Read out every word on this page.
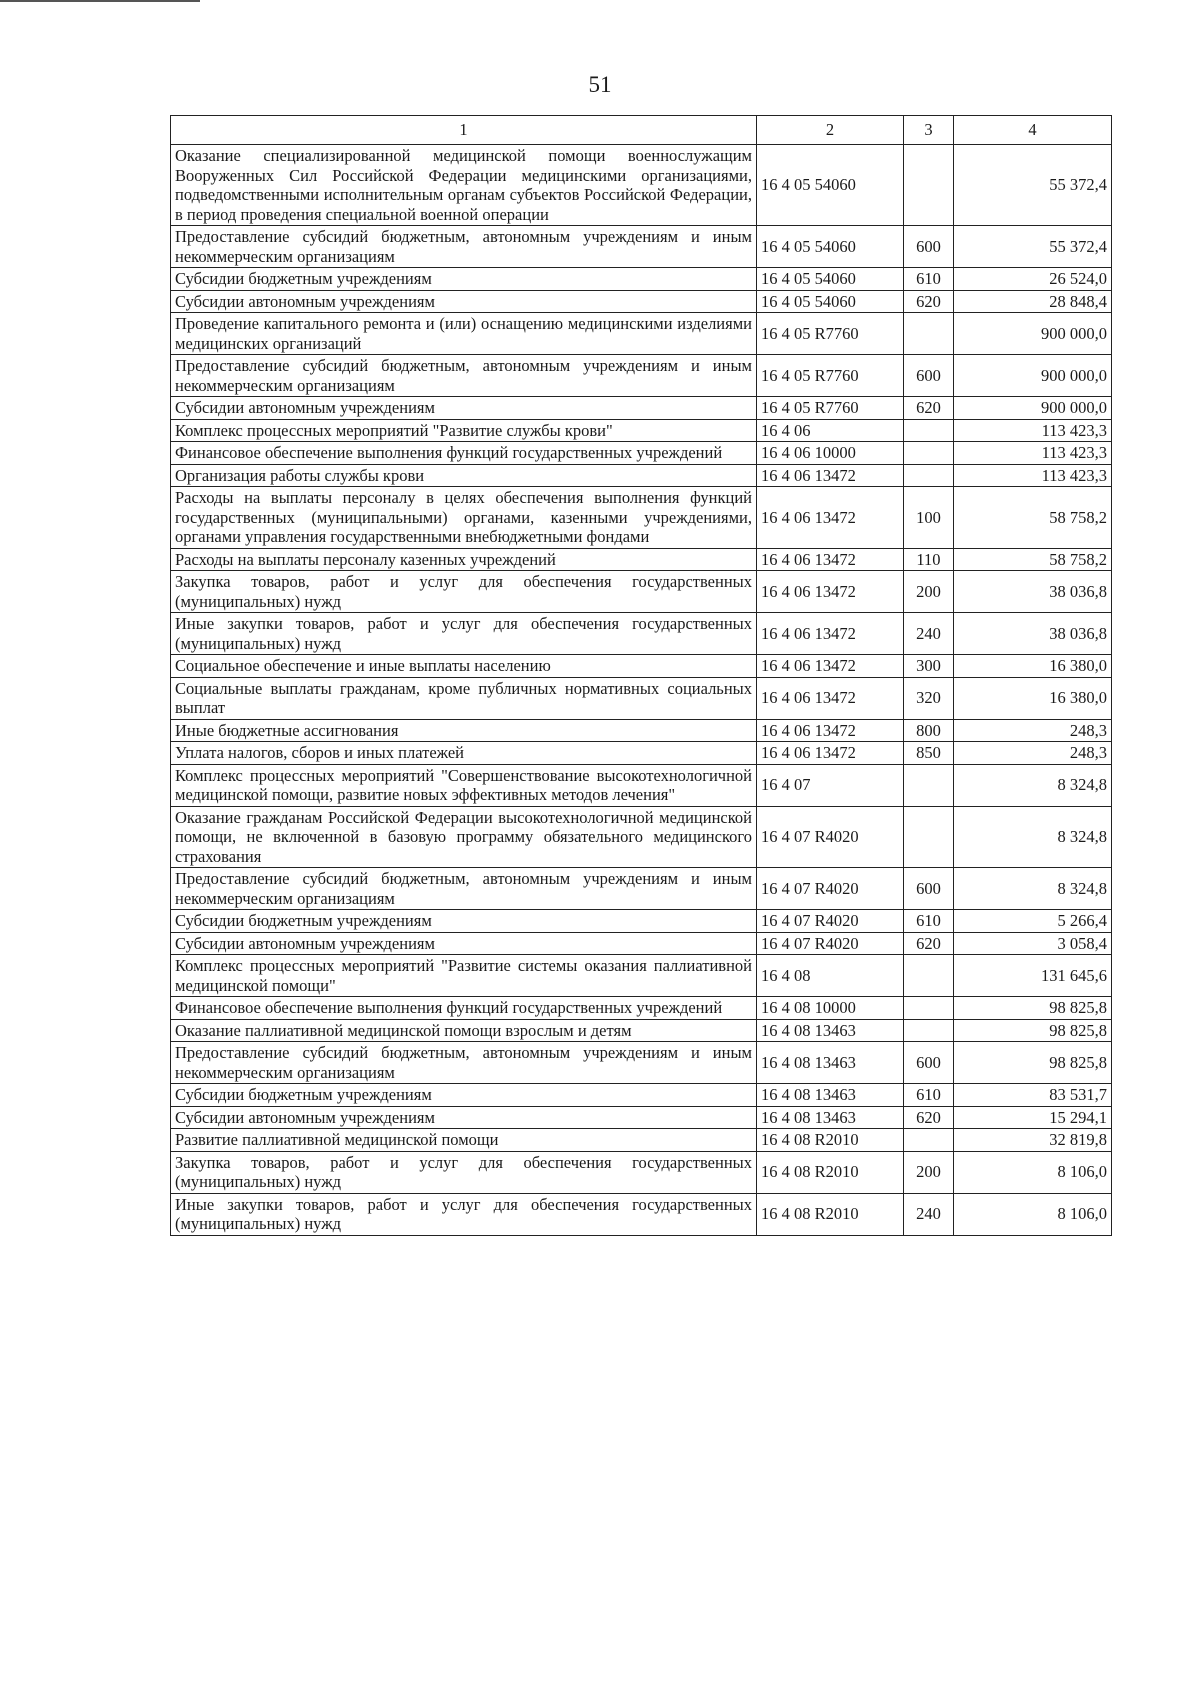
51
1	2	3	4
Оказание специализированной медицинской помощи военнослужащим Вооруженных Сил Российской Федерации медицинскими организациями, подведомственными исполнительным органам субъектов Российской Федерации, в период проведения специальной военной операции	16 4 05 54060		55 372,4
Предоставление субсидий бюджетным, автономным учреждениям и иным некоммерческим организациям	16 4 05 54060	600	55 372,4
Субсидии бюджетным учреждениям	16 4 05 54060	610	26 524,0
Субсидии автономным учреждениям	16 4 05 54060	620	28 848,4
Проведение капитального ремонта и (или) оснащению медицинскими изделиями медицинских организаций	16 4 05 R7760		900 000,0
Предоставление субсидий бюджетным, автономным учреждениям и иным некоммерческим организациям	16 4 05 R7760	600	900 000,0
Субсидии автономным учреждениям	16 4 05 R7760	620	900 000,0
Комплекс процессных мероприятий "Развитие службы крови"	16 4 06		113 423,3
Финансовое обеспечение выполнения функций государственных учреждений	16 4 06 10000		113 423,3
Организация работы службы крови	16 4 06 13472		113 423,3
Расходы на выплаты персоналу в целях обеспечения выполнения функций государственных (муниципальными) органами, казенными учреждениями, органами управления государственными внебюджетными фондами	16 4 06 13472	100	58 758,2
Расходы на выплаты персоналу казенных учреждений	16 4 06 13472	110	58 758,2
Закупка товаров, работ и услуг для обеспечения государственных (муниципальных) нужд	16 4 06 13472	200	38 036,8
Иные закупки товаров, работ и услуг для обеспечения государственных (муниципальных) нужд	16 4 06 13472	240	38 036,8
Социальное обеспечение и иные выплаты населению	16 4 06 13472	300	16 380,0
Социальные выплаты гражданам, кроме публичных нормативных социальных выплат	16 4 06 13472	320	16 380,0
Иные бюджетные ассигнования	16 4 06 13472	800	248,3
Уплата налогов, сборов и иных платежей	16 4 06 13472	850	248,3
Комплекс процессных мероприятий "Совершенствование высокотехнологичной медицинской помощи, развитие новых эффективных методов лечения"	16 4 07		8 324,8
Оказание гражданам Российской Федерации высокотехнологичной медицинской помощи, не включенной в базовую программу обязательного медицинского страхования	16 4 07 R4020		8 324,8
Предоставление субсидий бюджетным, автономным учреждениям и иным некоммерческим организациям	16 4 07 R4020	600	8 324,8
Субсидии бюджетным учреждениям	16 4 07 R4020	610	5 266,4
Субсидии автономным учреждениям	16 4 07 R4020	620	3 058,4
Комплекс процессных мероприятий "Развитие системы оказания паллиативной медицинской помощи"	16 4 08		131 645,6
Финансовое обеспечение выполнения функций государственных учреждений	16 4 08 10000		98 825,8
Оказание паллиативной медицинской помощи взрослым и детям	16 4 08 13463		98 825,8
Предоставление субсидий бюджетным, автономным учреждениям и иным некоммерческим организациям	16 4 08 13463	600	98 825,8
Субсидии бюджетным учреждениям	16 4 08 13463	610	83 531,7
Субсидии автономным учреждениям	16 4 08 13463	620	15 294,1
Развитие паллиативной медицинской помощи	16 4 08 R2010		32 819,8
Закупка товаров, работ и услуг для обеспечения государственных (муниципальных) нужд	16 4 08 R2010	200	8 106,0
Иные закупки товаров, работ и услуг для обеспечения государственных (муниципальных) нужд	16 4 08 R2010	240	8 106,0
